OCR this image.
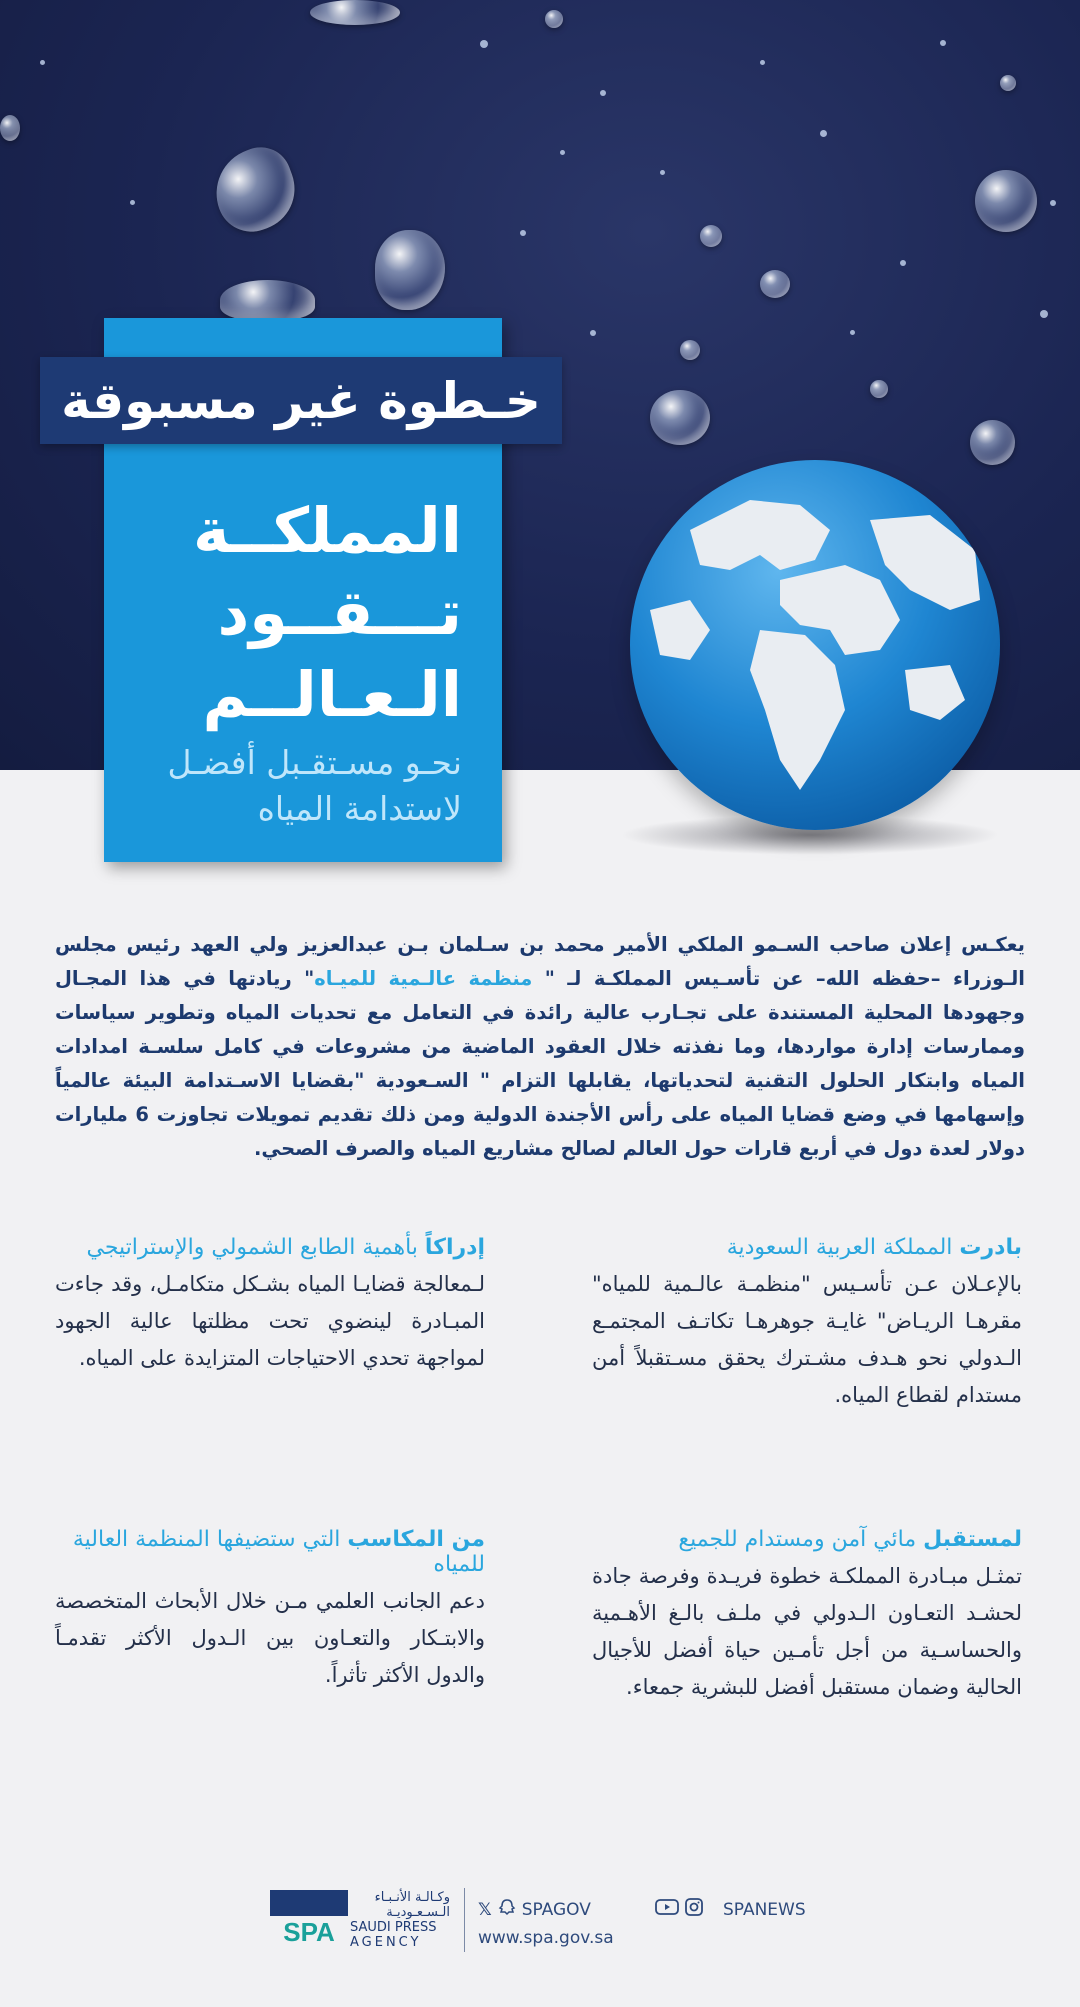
خـطوة غير مسبوقة
المملكــة
تـــقــود
الـعـالــم
نحـو مسـتقـبل أفضـل
لاستدامة المياه
يعكـس إعلان صاحب السـمو الملكي الأمير محمد بن سـلمان بـن عبدالعزيز ولي العهد رئيس مجلس الـوزراء –حفظه الله– عن تأسـيس المملكـة لـ " منظمة عالـمية للميـاه" ريادتها في هذا المجـال وجهودها المحلية المستندة على تجـارب عالية رائدة في التعامل مع تحديات المياه وتطوير سياسات وممارسات إدارة مواردها، وما نفذته خلال العقود الماضية من مشروعات في كامل سلسـة امدادات المياه وابتكار الحلول التقنية لتحدياتها، يقابلها التزام " السـعودية "بقضايا الاسـتدامة البيئة عالمياً وإسهامها في وضع قضايا المياه على رأس الأجندة الدولية ومن ذلك تقديم تمويلات تجاوزت 6 مليارات دولار لعدة دول في أربع قارات حول العالم لصالح مشاريع المياه والصرف الصحي.
بادرت المملكة العربية السعودية

بالإعـلان عـن تأسـيس "منظمـة عالـمية للمياه" مقرهـا الريـاض" غايـة جوهرهـا تكاتـف المجتمـع الـدولي نحو هـدف مشـترك يحقق مسـتقبلاً أمن مستدام لقطاع المياه.

إدراكاً بأهمية الطابع الشمولي والإستراتيجي

لـمعالجة قضايـا المياه بشـكل متكامـل، وقد جاءت المبـادرة لينضوي تحت مظلتها عالية الجهود لمواجهة تحدي الاحتياجات المتزايدة على المياه.

لمستقبل مائي آمن ومستدام للجميع

تمثـل مبـادرة المملكـة خطوة فريـدة وفرصة جادة لحشـد التعـاون الـدولي في ملـف بالـغ الأهـمية والحساسـية من أجل تأمـين حياة أفضل للأجيال الحالية وضمان مستقبل أفضل للبشرية جمعاء.

من المكاسب التي ستضيفها المنظمة العالية للمياه

دعم الجانب العلمي مـن خلال الأبحاث المتخصصة والابتـكار والتعـاون بين الـدول الأكثر تقدمـاً والدول الأكثر تأثراً.

SPA
وكـالـة الأنـبـاء
الـسـعـوديـة
SAUDI PRESS
AGENCY
𝕏 SPAGOV	SPANEWS
www.spa.gov.sa
